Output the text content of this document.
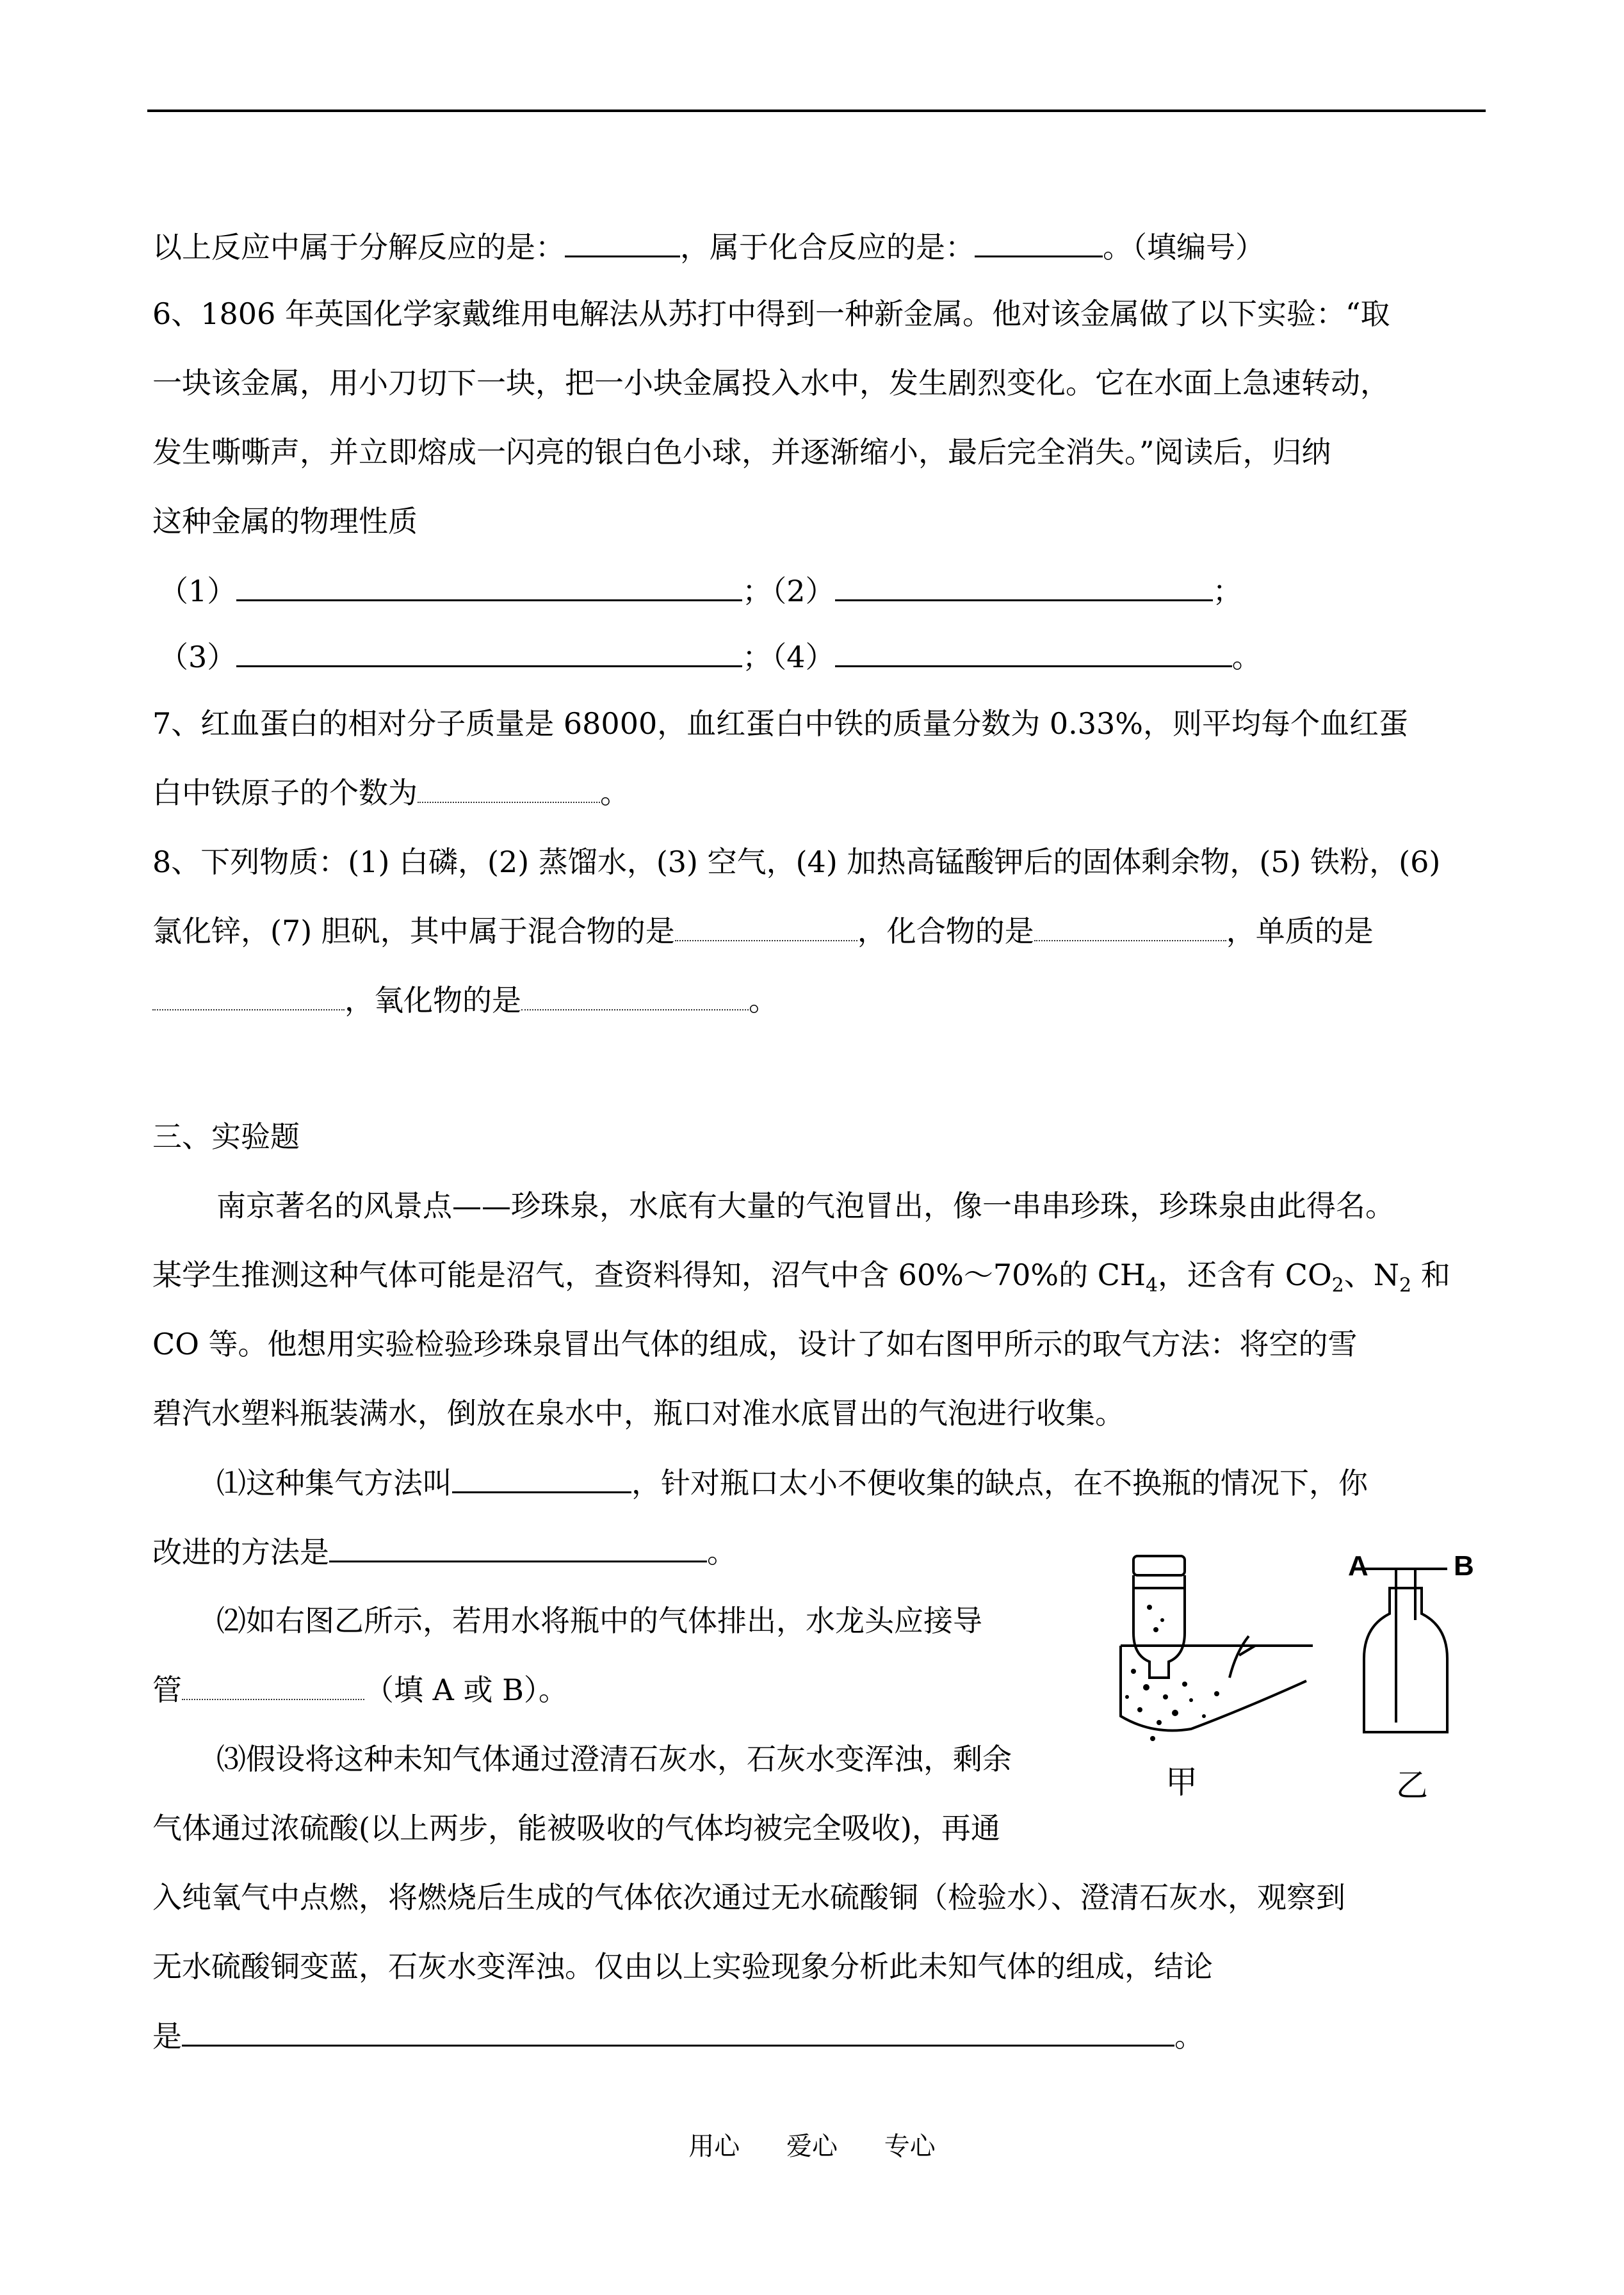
以上反应中属于分解反应的是：	，属于化合反应的是：	。（填编号）

6、1806 年英国化学家戴维用电解法从苏打中得到一种新金属。他对该金属做了以下实验：“取

一块该金属，用小刀切下一块，把一小块金属投入水中，发生剧烈变化。它在水面上急速转动，

发生嘶嘶声，并立即熔成一闪亮的银白色小球，并逐渐缩小，最后完全消失。”阅读后，归纳

这种金属的物理性质

（1）	；（2）	；

（3）	；（4）	。

7、红血蛋白的相对分子质量是 68000，血红蛋白中铁的质量分数为 0.33%，则平均每个血红蛋

白中铁原子的个数为	。

8、下列物质：(1) 白磷，(2) 蒸馏水，(3) 空气，(4) 加热高锰酸钾后的固体剩余物，(5) 铁粉，(6)

氯化锌，(7) 胆矾，其中属于混合物的是	，化合物的是	，单质的是

，氧化物的是	。

三、实验题

南京著名的风景点——珍珠泉，水底有大量的气泡冒出，像一串串珍珠，珍珠泉由此得名。

某学生推测这种气体可能是沼气，查资料得知，沼气中含 60%～70%的 $CH_4$，还含有 $CO_2$、$N_2$ 和

CO 等。他想用实验检验珍珠泉冒出气体的组成，设计了如右图甲所示的取气方法：将空的雪

碧汽水塑料瓶装满水，倒放在泉水中，瓶口对准水底冒出的气泡进行收集。

⑴这种集气方法叫	，针对瓶口太小不便收集的缺点，在不换瓶的情况下，你

改进的方法是	。

⑵如右图乙所示，若用水将瓶中的气体排出，水龙头应接导

管	（填 A 或 B）。

⑶假设将这种未知气体通过澄清石灰水，石灰水变浑浊，剩余

气体通过浓硫酸(以上两步，能被吸收的气体均被完全吸收)，再通

入纯氧气中点燃，将燃烧后生成的气体依次通过无水硫酸铜（检验水）、澄清石灰水，观察到

无水硫酸铜变蓝，石灰水变浑浊。仅由以上实验现象分析此未知气体的组成，结论

是	。

A	B
甲	乙
用心 爱心 专心
